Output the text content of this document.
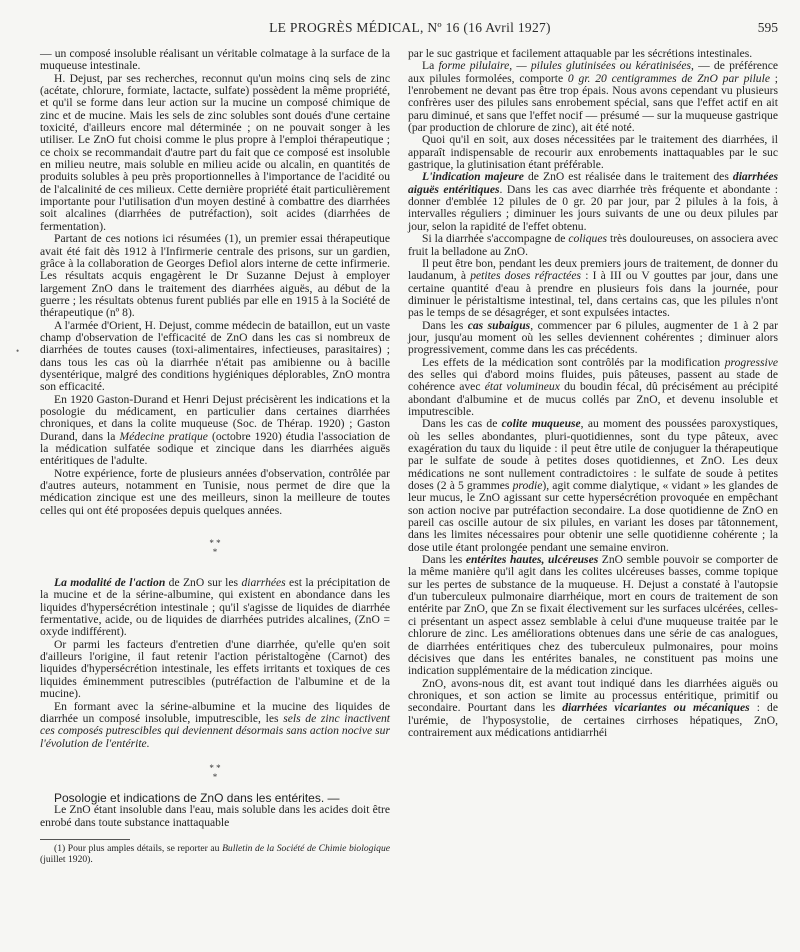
LE PROGRÈS MÉDICAL, Nº 16 (16 Avril 1927)	595
•

— un composé insoluble réalisant un véritable colmatage à la surface de la muqueuse intestinale.

H. Dejust, par ses recherches, reconnut qu'un moins cinq sels de zinc (acétate, chlorure, formiate, lactacte, sulfate) possèdent la même propriété, et qu'il se forme dans leur action sur la mucine un composé chimique de zinc et de mucine. Mais les sels de zinc solubles sont doués d'une certaine toxicité, d'ailleurs encore mal déterminée ; on ne pouvait songer à les utiliser. Le ZnO fut choisi comme le plus propre à l'emploi thérapeutique ; ce choix se recommandait d'autre part du fait que ce composé est insoluble en milieu neutre, mais soluble en milieu acide ou alcalin, en quantités de produits solubles à peu près proportionnelles à l'importance de l'acidité ou de l'alcalinité de ces milieux. Cette dernière propriété était particulièrement importante pour l'utilisation d'un moyen destiné à combattre des diarrhées soit alcalines (diarrhées de putréfaction), soit acides (diarrhées de fermentation).

Partant de ces notions ici résumées (1), un premier essai thérapeutique avait été fait dès 1912 à l'Infirmerie centrale des prisons, sur un gardien, grâce à la collaboration de Georges Defiol alors interne de cette infirmerie. Les résultats acquis engagèrent le Dr Suzanne Dejust à employer largement ZnO dans le traitement des diarrhées aiguës, au début de la guerre ; les résultats obtenus furent publiés par elle en 1915 à la Société de thérapeutique (nº 8).

A l'armée d'Orient, H. Dejust, comme médecin de bataillon, eut un vaste champ d'observation de l'efficacité de ZnO dans les cas si nombreux de diarrhées de toutes causes (toxi-alimentaires, infectieuses, parasitaires) ; dans tous les cas où la diarrhée n'était pas amibienne ou à bacille dysentérique, malgré des conditions hygiéniques déplorables, ZnO montra son efficacité.

En 1920 Gaston-Durand et Henri Dejust précisèrent les indications et la posologie du médicament, en particulier dans certaines diarrhées chroniques, et dans la colite muqueuse (Soc. de Thérap. 1920) ; Gaston Durand, dans la Médecine pratique (octobre 1920) étudia l'association de la médication sulfatée sodique et zincique dans les diarrhées aiguës entéritiques de l'adulte.

Notre expérience, forte de plusieurs années d'observation, contrôlée par d'autres auteurs, notamment en Tunisie, nous permet de dire que la médication zincique est une des meilleurs, sinon la meilleure de toutes celles qui ont été proposées depuis quelques années.

* *
*

La modalité de l'action de ZnO sur les diarrhées est la précipitation de la mucine et de la sérine-albumine, qui existent en abondance dans les liquides d'hypersécrétion intestinale ; qu'il s'agisse de liquides de diarrhée fermentative, acide, ou de liquides de diarrhées putrides alcalines, (ZnO = oxyde indifférent).

Or parmi les facteurs d'entretien d'une diarrhée, qu'elle qu'en soit d'ailleurs l'origine, il faut retenir l'action péristaltogène (Carnot) des liquides d'hypersécrétion intestinale, les effets irritants et toxiques de ces liquides éminemment putrescibles (putréfaction de l'albumine et de la mucine).

En formant avec la sérine-albumine et la mucine des liquides de diarrhée un composé insoluble, imputrescible, les sels de zinc inactivent ces composés putrescibles qui deviennent désormais sans action nocive sur l'évolution de l'entérite.

* *
*
Posologie et indications de ZnO dans les entérites. —

Le ZnO étant insoluble dans l'eau, mais soluble dans les acides doit être enrobé dans toute substance inattaquable

(1) Pour plus amples détails, se reporter au Bulletin de la Société de Chimie biologique (juillet 1920).

par le suc gastrique et facilement attaquable par les sécrétions intestinales.

La forme pilulaire, — pilules glutinisées ou kératinisées, — de préférence aux pilules formolées, comporte 0 gr. 20 centigrammes de ZnO par pilule ; l'enrobement ne devant pas être trop épais. Nous avons cependant vu plusieurs confrères user des pilules sans enrobement spécial, sans que l'effet actif en ait paru diminué, et sans que l'effet nocif — présumé — sur la muqueuse gastrique (par production de chlorure de zinc), ait été noté.

Quoi qu'il en soit, aux doses nécessitées par le traitement des diarrhées, il apparaît indispensable de recourir aux enrobements inattaquables par le suc gastrique, la glutinisation étant préférable.

L'indication majeure de ZnO est réalisée dans le traitement des diarrhées aiguës entéritiques. Dans les cas avec diarrhée très fréquente et abondante : donner d'emblée 12 pilules de 0 gr. 20 par jour, par 2 pilules à la fois, à intervalles réguliers ; diminuer les jours suivants de une ou deux pilules par jour, selon la rapidité de l'effet obtenu.

Si la diarrhée s'accompagne de coliques très douloureuses, on associera avec fruit la belladone au ZnO.

Il peut être bon, pendant les deux premiers jours de traitement, de donner du laudanum, à petites doses réfractées : I à III ou V gouttes par jour, dans une certaine quantité d'eau à prendre en plusieurs fois dans la journée, pour diminuer le péristaltisme intestinal, tel, dans certains cas, que les pilules n'ont pas le temps de se désagréger, et sont expulsées intactes.

Dans les cas subaigus, commencer par 6 pilules, augmenter de 1 à 2 par jour, jusqu'au moment où les selles deviennent cohérentes ; diminuer alors progressivement, comme dans les cas précédents.

Les effets de la médication sont contrôlés par la modification progressive des selles qui d'abord moins fluides, puis pâteuses, passent au stade de cohérence avec état volumineux du boudin fécal, dû précisément au précipité abondant d'albumine et de mucus collés par ZnO, et devenu insoluble et imputrescible.

Dans les cas de colite muqueuse, au moment des poussées paroxystiques, où les selles abondantes, pluri-quotidiennes, sont du type pâteux, avec exagération du taux du liquide : il peut être utile de conjuguer la thérapeutique par le sulfate de soude à petites doses quotidiennes, et ZnO. Les deux médications ne sont nullement contradictoires : le sulfate de soude à petites doses (2 à 5 grammes prodie), agit comme dialytique, « vidant » les glandes de leur mucus, le ZnO agissant sur cette hypersécrétion provoquée en empêchant son action nocive par putréfaction secondaire. La dose quotidienne de ZnO en pareil cas oscille autour de six pilules, en variant les doses par tâtonnement, dans les limites nécessaires pour obtenir une selle quotidienne cohérente ; la dose utile étant prolongée pendant une semaine environ.

Dans les entérites hautes, ulcéreuses ZnO semble pouvoir se comporter de la même manière qu'il agit dans les colites ulcéreuses basses, comme topique sur les pertes de substance de la muqueuse. H. Dejust a constaté à l'autopsie d'un tuberculeux pulmonaire diarrhéique, mort en cours de traitement de son entérite par ZnO, que Zn se fixait électivement sur les surfaces ulcérées, celles-ci présentant un aspect assez semblable à celui d'une muqueuse traitée par le chlorure de zinc. Les améliorations obtenues dans une série de cas analogues, de diarrhées entéritiques chez des tuberculeux pulmonaires, pour moins décisives que dans les entérites banales, ne constituent pas moins une indication supplémentaire de la médication zincique.

ZnO, avons-nous dit, est avant tout indiqué dans les diarrhées aiguës ou chroniques, et son action se limite au processus entéritique, primitif ou secondaire. Pourtant dans les diarrhées vicariantes ou mécaniques : de l'urémie, de l'hyposystolie, de certaines cirrhoses hépatiques, ZnO, contrairement aux médications antidiarrhéi
